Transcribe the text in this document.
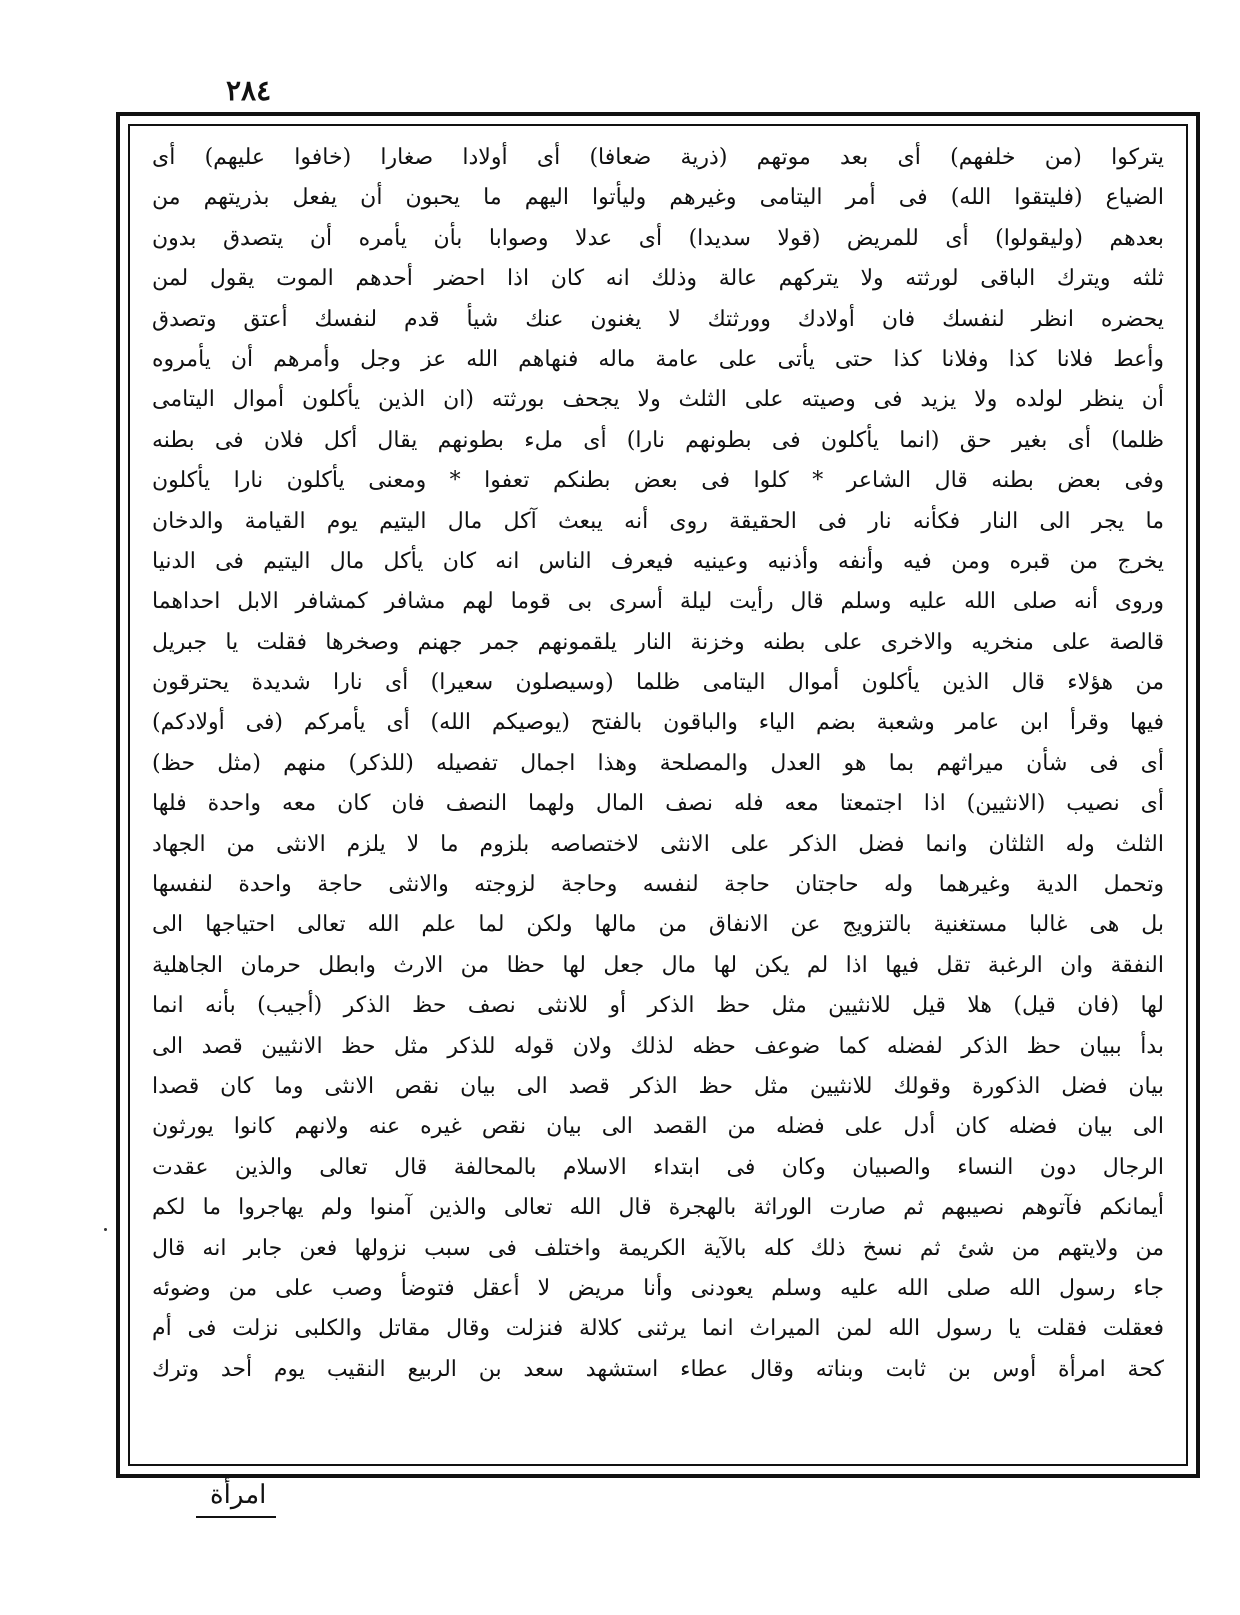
٢٨٤
يتركوا (من خلفهم) أى بعد موتهم (ذرية ضعافا) أى أولادا صغارا (خافوا عليهم) أى
الضياع (فليتقوا الله) فى أمر اليتامى وغيرهم وليأتوا اليهم ما يحبون أن يفعل بذريتهم من
بعدهم (وليقولوا) أى للمريض (قولا سديدا) أى عدلا وصوابا بأن يأمره أن يتصدق بدون
ثلثه ويترك الباقى لورثته ولا يتركهم عالة وذلك انه كان اذا احضر أحدهم الموت يقول لمن
يحضره انظر لنفسك فان أولادك وورثتك لا يغنون عنك شيأ قدم لنفسك أعتق وتصدق
وأعط فلانا كذا وفلانا كذا حتى يأتى على عامة ماله فنهاهم الله عز وجل وأمرهم أن يأمروه
أن ينظر لولده ولا يزيد فى وصيته على الثلث ولا يجحف بورثته (ان الذين يأكلون أموال اليتامى
ظلما) أى بغير حق (انما يأكلون فى بطونهم نارا) أى ملء بطونهم يقال أكل فلان فى بطنه
وفى بعض بطنه قال الشاعر * كلوا فى بعض بطنكم تعفوا * ومعنى يأكلون نارا يأكلون
ما يجر الى النار فكأنه نار فى الحقيقة روى أنه يبعث آكل مال اليتيم يوم القيامة والدخان
يخرج من قبره ومن فيه وأنفه وأذنيه وعينيه فيعرف الناس انه كان يأكل مال اليتيم فى الدنيا
وروى أنه صلى الله عليه وسلم قال رأيت ليلة أسرى بى قوما لهم مشافر كمشافر الابل احداهما
قالصة على منخريه والاخرى على بطنه وخزنة النار يلقمونهم جمر جهنم وصخرها فقلت يا جبريل
من هؤلاء قال الذين يأكلون أموال اليتامى ظلما (وسيصلون سعيرا) أى نارا شديدة يحترقون
فيها وقرأ ابن عامر وشعبة بضم الياء والباقون بالفتح (يوصيكم الله) أى يأمركم (فى أولادكم)
أى فى شأن ميراثهم بما هو العدل والمصلحة وهذا اجمال تفصيله (للذكر) منهم (مثل حظ)
أى نصيب (الانثيين) اذا اجتمعتا معه فله نصف المال ولهما النصف فان كان معه واحدة فلها
الثلث وله الثلثان وانما فضل الذكر على الانثى لاختصاصه بلزوم ما لا يلزم الانثى من الجهاد
وتحمل الدية وغيرهما وله حاجتان حاجة لنفسه وحاجة لزوجته والانثى حاجة واحدة لنفسها
بل هى غالبا مستغنية بالتزويج عن الانفاق من مالها ولكن لما علم الله تعالى احتياجها الى
النفقة وان الرغبة تقل فيها اذا لم يكن لها مال جعل لها حظا من الارث وابطل حرمان الجاهلية
لها (فان قيل) هلا قيل للانثيين مثل حظ الذكر أو للانثى نصف حظ الذكر (أجيب) بأنه انما
بدأ ببيان حظ الذكر لفضله كما ضوعف حظه لذلك ولان قوله للذكر مثل حظ الانثيين قصد الى
بيان فضل الذكورة وقولك للانثيين مثل حظ الذكر قصد الى بيان نقص الانثى وما كان قصدا
الى بيان فضله كان أدل على فضله من القصد الى بيان نقص غيره عنه ولانهم كانوا يورثون
الرجال دون النساء والصبيان وكان فى ابتداء الاسلام بالمحالفة قال تعالى والذين عقدت
أيمانكم فآتوهم نصيبهم ثم صارت الوراثة بالهجرة قال الله تعالى والذين آمنوا ولم يهاجروا ما لكم
من ولايتهم من شئ ثم نسخ ذلك كله بالآية الكريمة واختلف فى سبب نزولها فعن جابر انه قال
جاء رسول الله صلى الله عليه وسلم يعودنى وأنا مريض لا أعقل فتوضأ وصب على من وضوئه
فعقلت فقلت يا رسول الله لمن الميراث انما يرثنى كلالة فنزلت وقال مقاتل والكلبى نزلت فى أم
كحة امرأة أوس بن ثابت وبناته وقال عطاء استشهد سعد بن الربيع النقيب يوم أحد وترك
امرأة
